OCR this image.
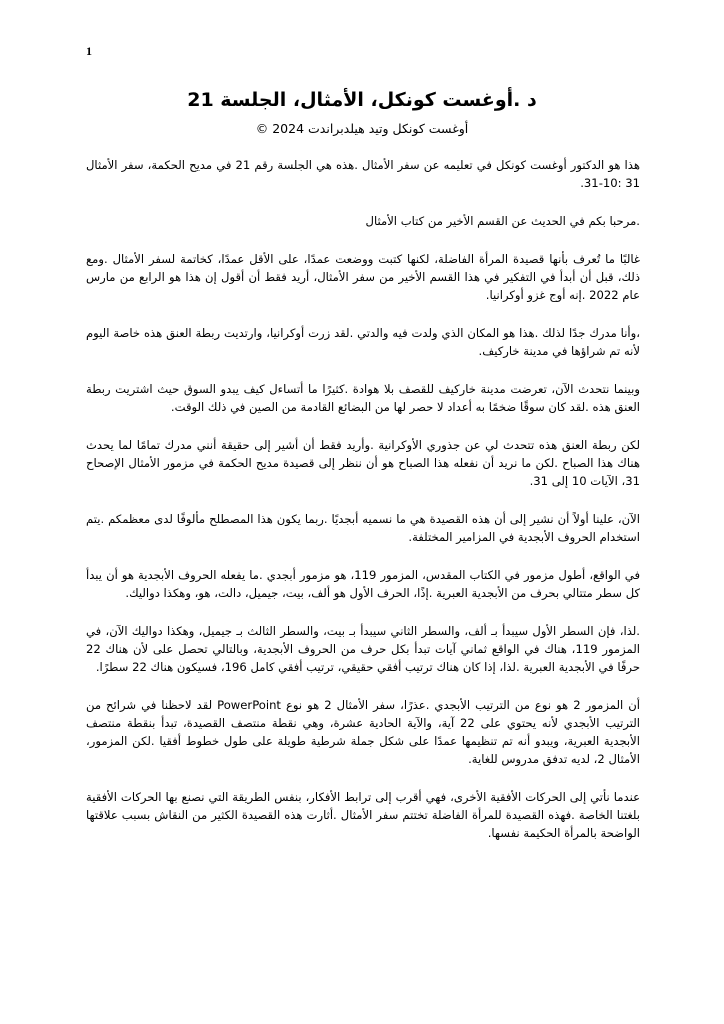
1
د .أوغست كونكل، الأمثال، الجلسة 21
أوغست كونكل وتيد هيلدبراندت 2024 ©

هذا هو الدكتور أوغست كونكل في تعليمه عن سفر الأمثال .هذه هي الجلسة رقم 21 في مديح الحكمة، سفر الأمثال 31 :10-31.

.مرحبا بكم في الحديث عن القسم الأخير من كتاب الأمثال

غالبًا ما تُعرف بأنها قصيدة المرأة الفاضلة، لكنها كتبت ووضعت عمدًا، على الأقل عمدًا، كخاتمة لسفر الأمثال .ومع ذلك، قبل أن أبدأ في التفكير في هذا القسم الأخير من سفر الأمثال، أريد فقط أن أقول إن هذا هو الرابع من مارس عام 2022 .إنه أوج غزو أوكرانيا.

،وأنا مدرك جدًا لذلك .هذا هو المكان الذي ولدت فيه والدتي .لقد زرت أوكرانيا، وارتديت ربطة العنق هذه خاصة اليوم لأنه تم شراؤها في مدينة خاركيف.

وبينما نتحدث الآن، تعرضت مدينة خاركيف للقصف بلا هوادة .كثيرًا ما أتساءل كيف يبدو السوق حيث اشتريت ربطة العنق هذه .لقد كان سوقًا ضخمًا به أعداد لا حصر لها من البضائع القادمة من الصين في ذلك الوقت.

لكن ربطة العنق هذه تتحدث لي عن جذوري الأوكرانية .وأريد فقط أن أشير إلى حقيقة أنني مدرك تمامًا لما يحدث هناك هذا الصباح .لكن ما نريد أن نفعله هذا الصباح هو أن ننظر إلى قصيدة مديح الحكمة في مزمور الأمثال الإصحاح 31، الآيات 10 إلى 31.

الآن، علينا أولاً أن نشير إلى أن هذه القصيدة هي ما نسميه أبجديًا .ربما يكون هذا المصطلح مألوفًا لدى معظمكم .يتم استخدام الحروف الأبجدية في المزامير المختلفة.

في الواقع، أطول مزمور في الكتاب المقدس، المزمور 119، هو مزمور أبجدي .ما يفعله الحروف الأبجدية هو أن يبدأ كل سطر متتالي بحرف من الأبجدية العبرية .إذًا، الحرف الأول هو ألف، بيت، جيميل، دالت، هو، وهكذا دواليك.

.لذا، فإن السطر الأول سيبدأ بـ ألف، والسطر الثاني سيبدأ بـ بيت، والسطر الثالث بـ جيميل، وهكذا دواليك الآن، في المزمور 119، هناك في الواقع ثماني آيات تبدأ بكل حرف من الحروف الأبجدية، وبالتالي تحصل على لأن هناك 22 حرفًا في الأبجدية العبرية .لذا، إذا كان هناك ترتيب أفقي حقيقي، ترتيب أفقي كامل 196، فسيكون هناك 22 سطرًا.

أن المزمور 2 هو نوع من الترتيب الأبجدي .عذرًا، سفر الأمثال 2 هو نوع PowerPoint لقد لاحظنا في شرائح من الترتيب الأبجدي لأنه يحتوي على 22 آية، والآية الحادية عشرة، وهي نقطة منتصف القصيدة، تبدأ بنقطة منتصف الأبجدية العبرية، ويبدو أنه تم تنظيمها عمدًا على شكل جملة شرطية طويلة على طول خطوط أفقيا .لكن المزمور، الأمثال 2، لديه تدفق مدروس للغاية.

عندما نأتي إلى الحركات الأفقية الأخرى، فهي أقرب إلى ترابط الأفكار، بنفس الطريقة التي نصنع بها الحركات الأفقية بلغتنا الخاصة .فهذه القصيدة للمرأة الفاضلة تختتم سفر الأمثال .أثارت هذه القصيدة الكثير من النقاش بسبب علاقتها الواضحة بالمرأة الحكيمة نفسها.
